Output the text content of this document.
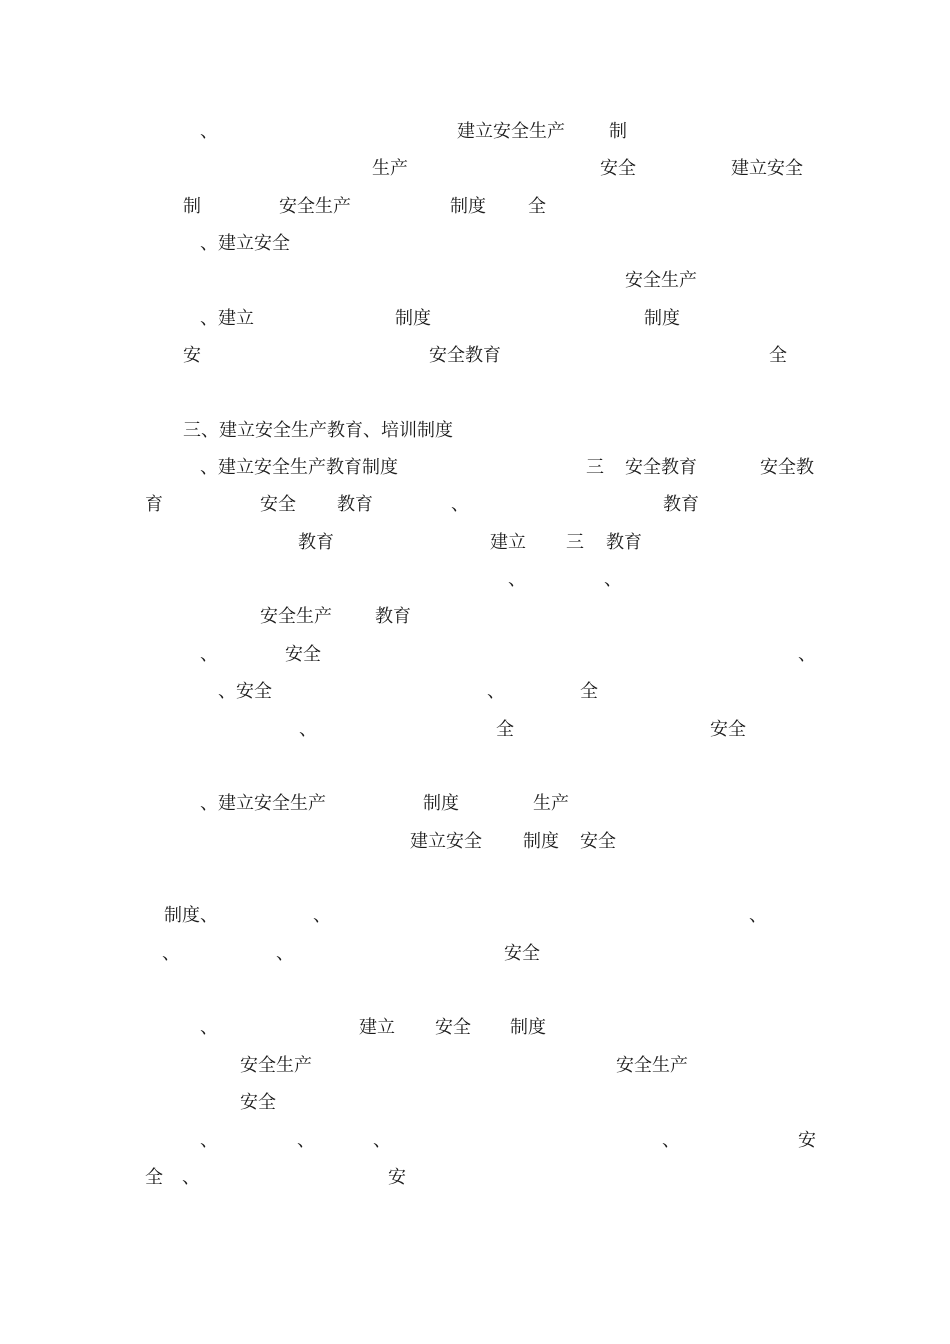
、	建立安全生产 制
生产	安全	建立安全
制	安全生产	制度 全
、建立安全
安全生产
、建立	制度	制度
安	安全教育	全
三、建立安全生产教育、培训制度
、建立安全生产教育制度	三 安全教育	安全教
育	安全 教育	、	教育
教育	建立 三 教育
、	、
安全生产 教育
、	安全	、
、安全	、	全
、	全	安全
、建立安全生产	制度	生产
建立安全 制度 安全
制度、	、	、
、	、	安全
、	建立 安全 制度
安全生产	安全生产
安全
、	、	、	、	安
全 、	安
